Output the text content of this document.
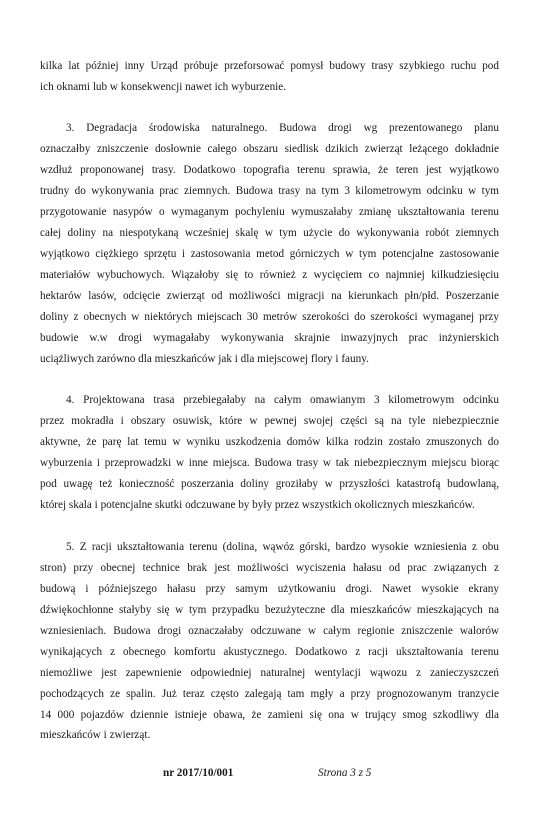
kilka lat później inny Urząd próbuje przeforsować pomysł budowy trasy szybkiego ruchu pod
ich oknami lub w konsekwencji nawet ich wyburzenie.
3. Degradacja środowiska naturalnego. Budowa drogi wg prezentowanego planu
oznaczałby zniszczenie dosłownie całego obszaru siedlisk dzikich zwierząt leżącego dokładnie
wzdłuż proponowanej trasy. Dodatkowo topografia terenu sprawia, że teren jest wyjątkowo
trudny do wykonywania prac ziemnych. Budowa trasy na tym 3 kilometrowym odcinku w tym
przygotowanie nasypów o wymaganym pochyleniu wymuszałaby zmianę ukształtowania terenu
całej doliny na niespotykaną wcześniej skalę w tym użycie do wykonywania robót ziemnych
wyjątkowo ciężkiego sprzętu i zastosowania metod górniczych w tym potencjalne zastosowanie
materiałów wybuchowych. Wiązałoby się to również z wycięciem co najmniej kilkudziesięciu
hektarów lasów, odcięcie zwierząt od możliwości migracji na kierunkach płn/płd. Poszerzanie
doliny z obecnych w niektórych miejscach 30 metrów szerokości do szerokości wymaganej przy
budowie w.w drogi wymagałaby wykonywania skrajnie inwazyjnych prac inżynierskich
uciążliwych zarówno dla mieszkańców jak i dla miejscowej flory i fauny.
4. Projektowana trasa przebiegałaby na całym omawianym 3 kilometrowym odcinku
przez mokradła i obszary osuwisk, które w pewnej swojej części są na tyle niebezpiecznie
aktywne, że parę lat temu w wyniku uszkodzenia domów kilka rodzin zostało zmuszonych do
wyburzenia i przeprowadzki w inne miejsca. Budowa trasy w tak niebezpiecznym miejscu biorąc
pod uwagę też konieczność poszerzania doliny groziłaby w przyszłości katastrofą budowlaną,
której skala i potencjalne skutki odczuwane by były przez wszystkich okolicznych mieszkańców.
5. Z racji ukształtowania terenu (dolina, wąwóz górski, bardzo wysokie wzniesienia z obu
stron) przy obecnej technice brak jest możliwości wyciszenia hałasu od prac związanych z
budową i późniejszego hałasu przy samym użytkowaniu drogi. Nawet wysokie ekrany
dźwiękochłonne stałyby się w tym przypadku bezużyteczne dla mieszkańców mieszkających na
wzniesieniach. Budowa drogi oznaczałaby odczuwane w całym regionie zniszczenie walorów
wynikających z obecnego komfortu akustycznego. Dodatkowo z racji ukształtowania terenu
niemożliwe jest zapewnienie odpowiedniej naturalnej wentylacji wąwozu z zanieczyszczeń
pochodzących ze spalin. Już teraz często zalegają tam mgły a przy prognozowanym tranzycie
14 000 pojazdów dziennie istnieje obawa, że zamieni się ona w trujący smog szkodliwy dla
mieszkańców i zwierząt.
nr 2017/10/001	Strona 3 z 5
